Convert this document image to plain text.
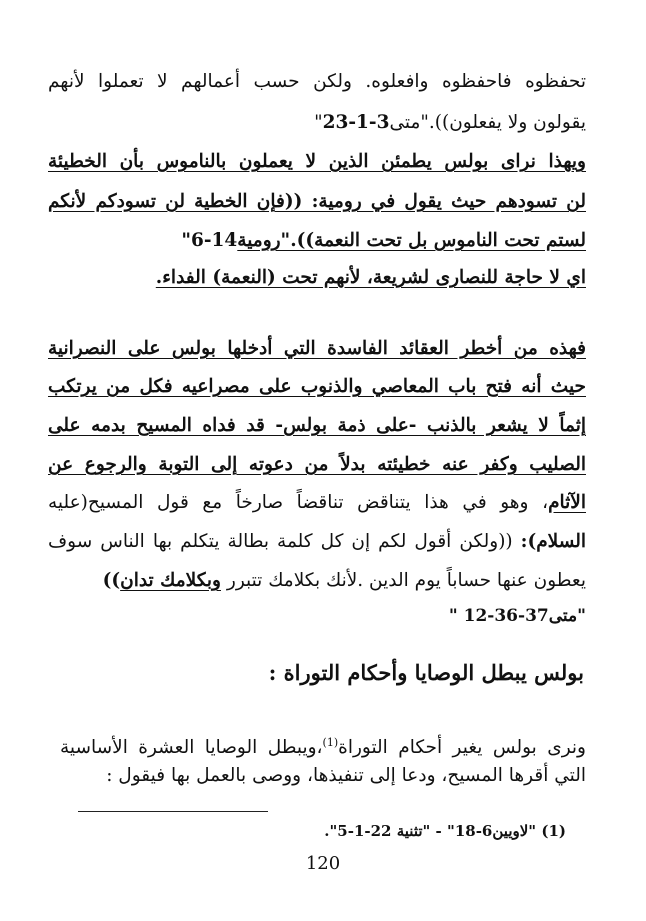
تحفظوه فاحفظوه وافعلوه. ولكن حسب أعمالهم لا تعملوا لأنهم
يقولون ولا يفعلون))."متى23-1-3"
ويهذا نراى بولس يطمئن الذين لا يعملون بالناموس بأن الخطيئة
لن تسودهم حيث يقول في رومية: ((فإن الخطية لن تسودكم لأنكم
لستم تحت الناموس بل تحت النعمة))."رومية6-14"
اي لا حاجة للنصارى لشريعة، لأنهم تحت (النعمة) الفداء.
فهذه من أخطر العقائد الفاسدة التي أدخلها بولس على النصرانية
حيث أنه فتح باب المعاصي والذنوب على مصراعيه فكل من يرتكب
إثماً لا يشعر بالذنب -على ذمة بولس- قد فداه المسيح بدمه على
الصليب وكفر عنه خطيئته بدلاً من دعوته إلى التوبة والرجوع عن
الآثام، وهو في هذا يتناقض تناقضاً صارخاً مع قول المسيح(عليه
السلام): ((ولكن أقول لكم إن كل كلمة بطالة يتكلم بها الناس سوف
يعطون عنها حساباً يوم الدين .لأنك بكلامك تتبرر وبكلامك تدان))
"متى12-36-37 "
بولس يبطل الوصايا وأحكام التوراة :
ونرى بولس يغير أحكام التوراة$^{(1)}$،ويبطل الوصايا العشرة الأساسية
التي أقرها المسيح، ودعا إلى تنفيذها، ووصى بالعمل بها فيقول :
(1) "لاويين18-6" - "تثنية 5-1-22".
120
